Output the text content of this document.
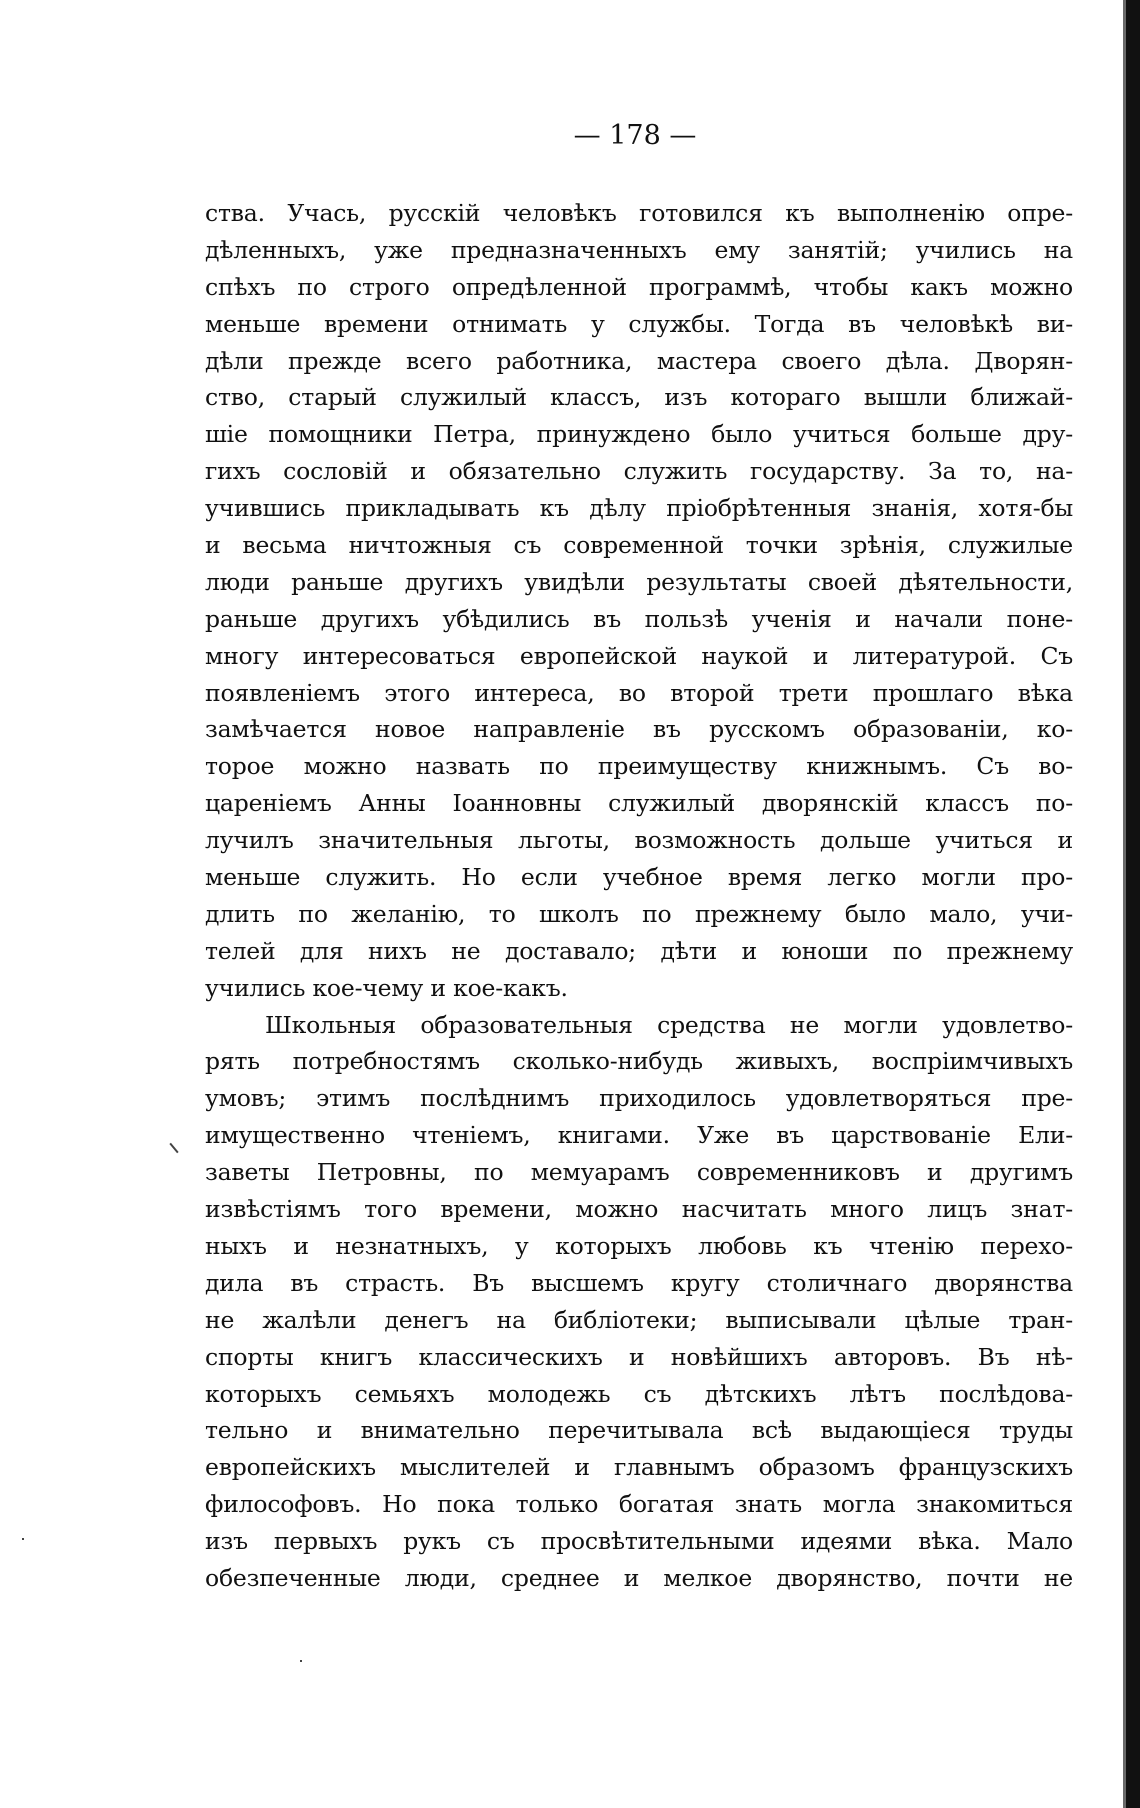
— 178 —
ства. Учась, русскій человѣкъ готовился къ выполненію опре-
дѣленныхъ, уже предназначенныхъ ему занятій; учились на
спѣхъ по строго опредѣленной программѣ, чтобы какъ можно
меньше времени отнимать у службы. Тогда въ человѣкѣ ви-
дѣли прежде всего работника, мастера своего дѣла. Дворян-
ство, старый служилый классъ, изъ котораго вышли ближай-
шіе помощники Петра, принуждено было учиться больше дру-
гихъ сословій и обязательно служить государству. За то, на-
учившись прикладывать къ дѣлу пріобрѣтенныя знанія, хотя-бы
и весьма ничтожныя съ современной точки зрѣнія, служилые
люди раньше другихъ увидѣли результаты своей дѣятельности,
раньше другихъ убѣдились въ пользѣ ученія и начали поне-
многу интересоваться европейской наукой и литературой. Съ
появленіемъ этого интереса, во второй трети прошлаго вѣка
замѣчается новое направленіе въ русскомъ образованіи, ко-
торое можно назвать по преимуществу книжнымъ. Съ во-
цареніемъ Анны Іоанновны служилый дворянскій классъ по-
лучилъ значительныя льготы, возможность дольше учиться и
меньше служить. Но если учебное время легко могли про-
длить по желанію, то школъ по прежнему было мало, учи-
телей для нихъ не доставало; дѣти и юноши по прежнему
учились кое-чему и кое-какъ.
Школьныя образовательныя средства не могли удовлетво-
рять потребностямъ сколько-нибудь живыхъ, воспріимчивыхъ
умовъ; этимъ послѣднимъ приходилось удовлетворяться пре-
имущественно чтеніемъ, книгами. Уже въ царствованіе Ели-
заветы Петровны, по мемуарамъ современниковъ и другимъ
извѣстіямъ того времени, можно насчитать много лицъ знат-
ныхъ и незнатныхъ, у которыхъ любовь къ чтенію перехо-
дила въ страсть. Въ высшемъ кругу столичнаго дворянства
не жалѣли денегъ на библіотеки; выписывали цѣлые тран-
спорты книгъ классическихъ и новѣйшихъ авторовъ. Въ нѣ-
которыхъ семьяхъ молодежь съ дѣтскихъ лѣтъ послѣдова-
тельно и внимательно перечитывала всѣ выдающіеся труды
европейскихъ мыслителей и главнымъ образомъ французскихъ
философовъ. Но пока только богатая знать могла знакомиться
изъ первыхъ рукъ съ просвѣтительными идеями вѣка. Мало
обезпеченные люди, среднее и мелкое дворянство, почти не
